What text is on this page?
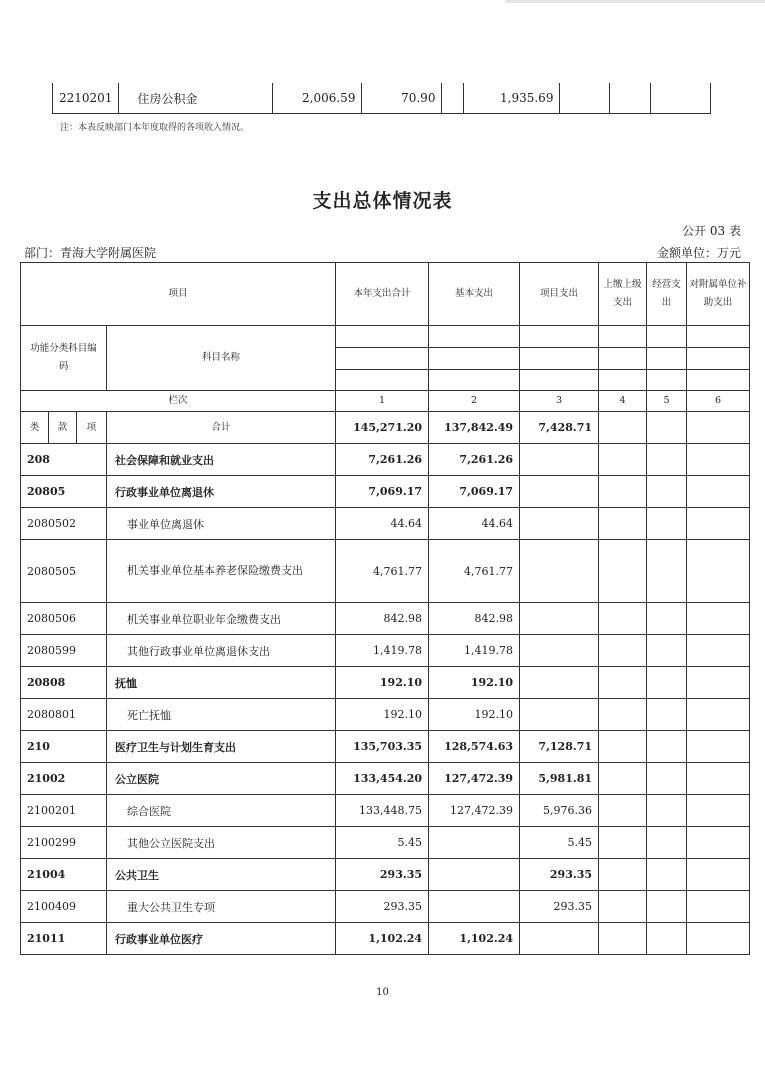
2210201	住房公积金	2,006.59	70.90		1,935.69			
注：本表反映部门本年度取得的各项收入情况。
支出总体情况表
公开 03 表
部门：青海大学附属医院	金额单位：万元
项目				本年支出合计	基本支出	项目支出	上缴上级支出	经营支出	对附属单位补助支出
功能分类科目编码			科目名称						

栏次				1	2	3	4	5	6
类	款	项	合计	145,271.20	137,842.49	7,428.71			
208			社会保障和就业支出	7,261.26	7,261.26				
20805			行政事业单位离退休	7,069.17	7,069.17				
2080502			事业单位离退休	44.64	44.64				
2080505			机关事业单位基本养老保险缴费支出	4,761.77	4,761.77				
2080506			机关事业单位职业年金缴费支出	842.98	842.98				
2080599			其他行政事业单位离退休支出	1,419.78	1,419.78				
20808			抚恤	192.10	192.10				
2080801			死亡抚恤	192.10	192.10				
210			医疗卫生与计划生育支出	135,703.35	128,574.63	7,128.71			
21002			公立医院	133,454.20	127,472.39	5,981.81			
2100201			综合医院	133,448.75	127,472.39	5,976.36			
2100299			其他公立医院支出	5.45		5.45			
21004			公共卫生	293.35		293.35			
2100409			重大公共卫生专项	293.35		293.35			
21011			行政事业单位医疗	1,102.24	1,102.24				
10
